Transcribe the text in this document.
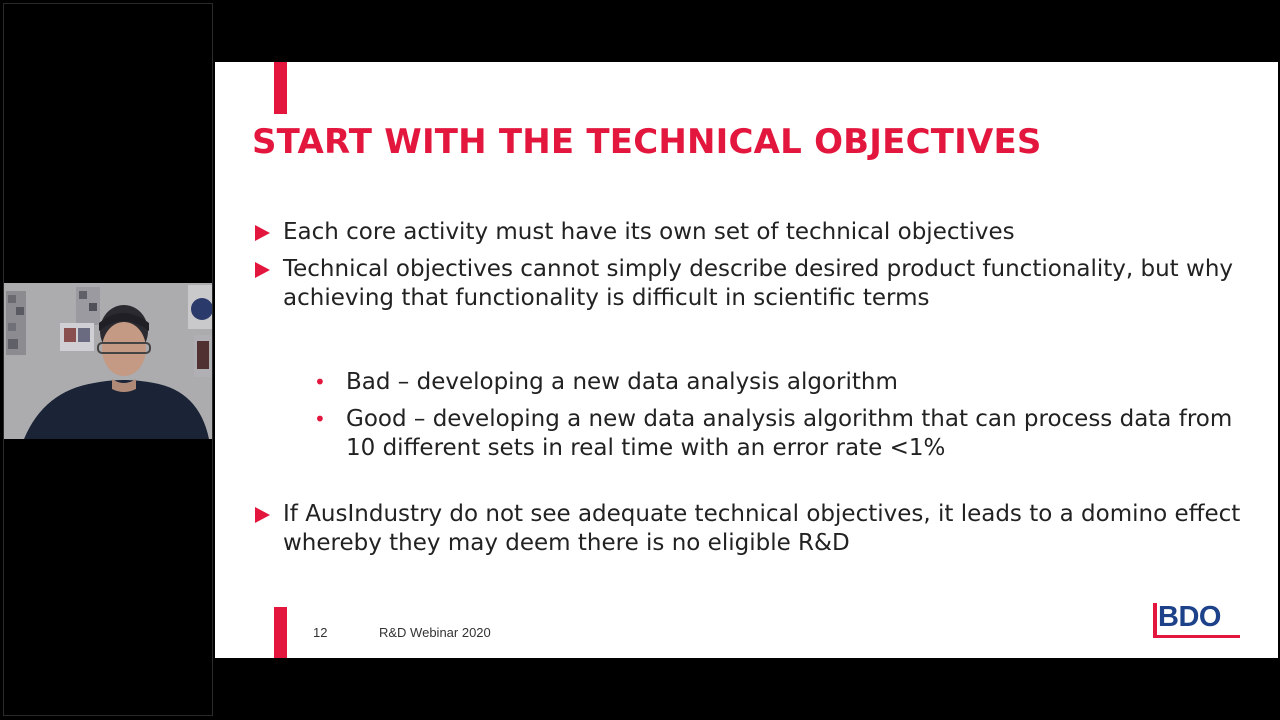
START WITH THE TECHNICAL OBJECTIVES
Each core activity must have its own set of technical objectives
Technical objectives cannot simply describe desired product functionality, but why achieving that functionality is difficult in scientific terms
• Bad – developing a new data analysis algorithm
• Good – developing a new data analysis algorithm that can process data from 10 different sets in real time with an error rate <1%
If AusIndustry do not see adequate technical objectives, it leads to a domino effect whereby they may deem there is no eligible R&D
12	R&D Webinar 2020	BDO
